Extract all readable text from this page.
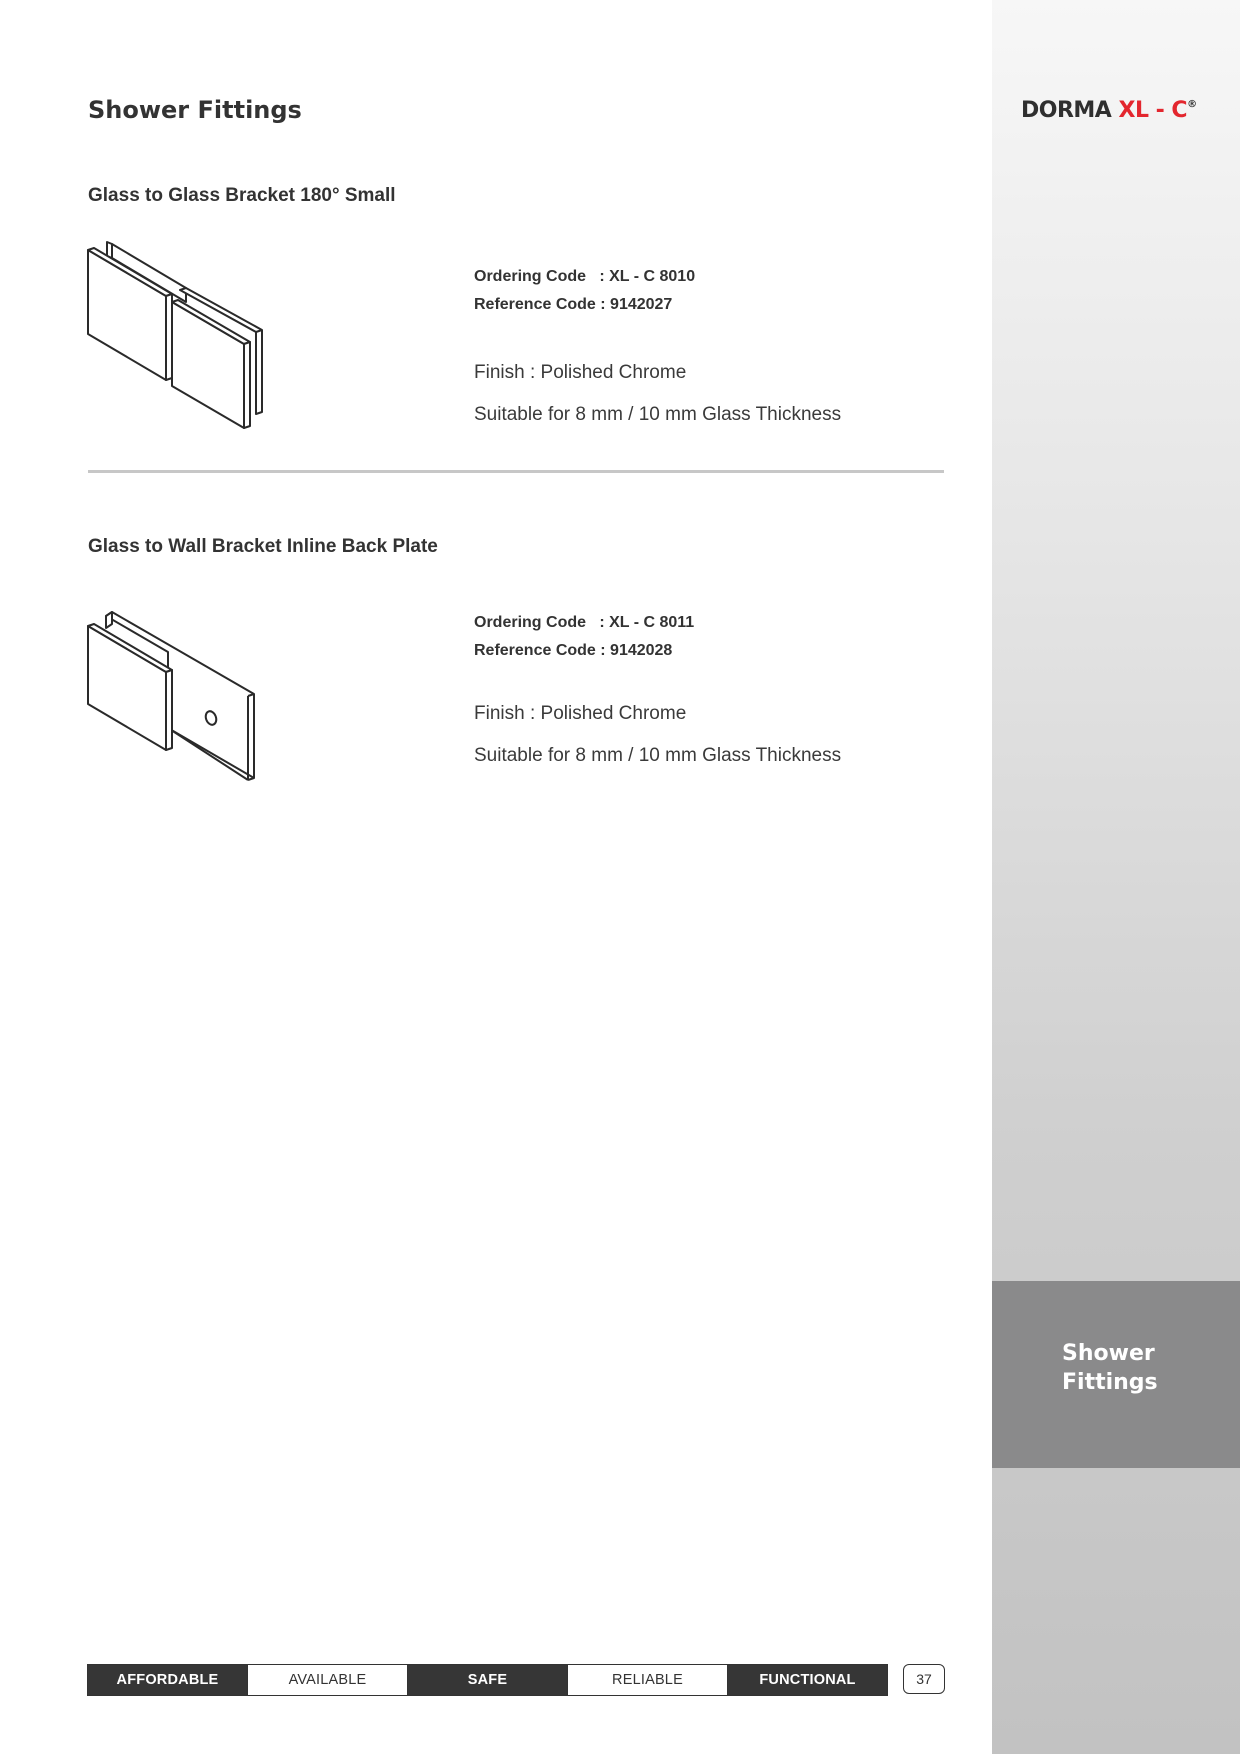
Shower
Fittings
Shower Fittings	DORMA XL - C®
Glass to Glass Bracket 180° Small
Ordering Code   : XL - C 8010
Reference Code : 9142027
Finish : Polished Chrome
Suitable for 8 mm / 10 mm Glass Thickness
Glass to Wall Bracket Inline Back Plate
Ordering Code   : XL - C 8011
Reference Code : 9142028
Finish : Polished Chrome
Suitable for 8 mm / 10 mm Glass Thickness
AFFORDABLE	AVAILABLE	SAFE	RELIABLE	FUNCTIONAL	37
